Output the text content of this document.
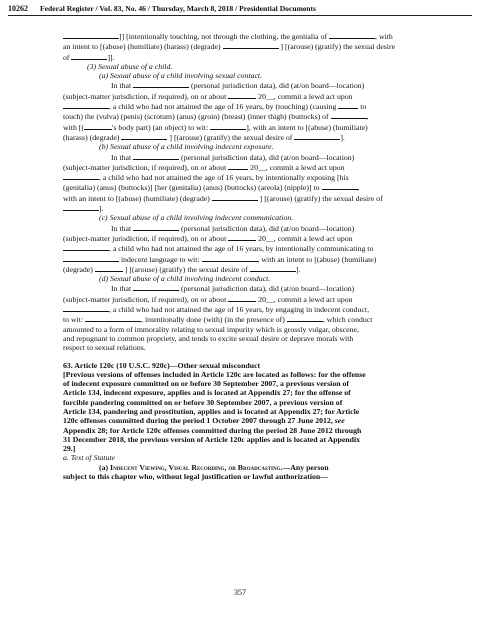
10262 Federal Register / Vol. 83, No. 46 / Thursday, March 8, 2018 / Presidential Documents

]] [intentionally touching, not through the clothing, the genitalia of	, with

an intent to [(abuse) (humiliate) (harass) (degrade)	] [(arouse) (gratify) the sexual desire

of	]].

(3) Sexual abuse of a child.

(a) Sexual abuse of a child involving sexual contact.

In that	(personal jurisdiction data), did (at/on board—location)

(subject-matter jurisdiction, if required), on or about	20__, commit a lewd act upon

, a child who had not attained the age of 16 years, by (touching) (causing	to

touch) the (vulva) (penis) (scrotum) (anus) (groin) (breast) (inner thigh) (buttocks) of	,

with [(	's body part) (an object) to wit:	], with an intent to [(abuse) (humiliate)

(harass) (degrade)	] [(arouse) (gratify) the sexual desire of	].

(b) Sexual abuse of a child involving indecent exposure.

In that	(personal jurisdiction data), did (at/on board—location)

(subject-matter jurisdiction, if required), on or about	20__, commit a lewd act upon

, a child who had not attained the age of 16 years, by intentionally exposing [his

(genitalia) (anus) (buttocks)] [her (genitalia) (anus) (buttocks) (areola) (nipple)] to	,

with an intent to [(abuse) (humiliate) (degrade)	] [(arouse) (gratify) the sexual desire of

].

(c) Sexual abuse of a child involving indecent communication.

In that	(personal jurisdiction data), did (at/on board—location)

(subject-matter jurisdiction, if required), on or about	20__, commit a lewd act upon

, a child who had not attained the age of 16 years, by intentionally communicating to

indecent language to wit:	, with an intent to [(abuse) (humiliate)

(degrade)	] [(arouse) (gratify) the sexual desire of	].

(d) Sexual abuse of a child involving indecent conduct.

In that	(personal jurisdiction data), did (at/on board—location)

(subject-matter jurisdiction, if required), on or about	20__, commit a lewd act upon

, a child who had not attained the age of 16 years, by engaging in indecent conduct,

to wit:	, intentionally done (with) (in the presence of)	, which conduct

amounted to a form of immorality relating to sexual impurity which is grossly vulgar, obscene,

and repugnant to common propriety, and tends to excite sexual desire or deprave morals with

respect to sexual relations.

63. Article 120c (10 U.S.C. 920c)—Other sexual misconduct

[Previous versions of offenses included in Article 120c are located as follows: for the offense

of indecent exposure committed on or before 30 September 2007, a previous version of

Article 134, indecent exposure, applies and is located at Appendix 27; for the offense of

forcible pandering committed on or before 30 September 2007, a previous version of

Article 134, pandering and prostitution, applies and is located at Appendix 27; for Article

120c offenses committed during the period 1 October 2007 through 27 June 2012, see

Appendix 28; for Article 120c offenses committed during the period 28 June 2012 through

31 December 2018, the previous version of Article 120c applies and is located at Appendix

29.]

a. Text of Statute

(a) Indecent Viewing, Visual Recording, or Broadcasting.—Any person

subject to this chapter who, without legal justification or lawful authorization—

357
